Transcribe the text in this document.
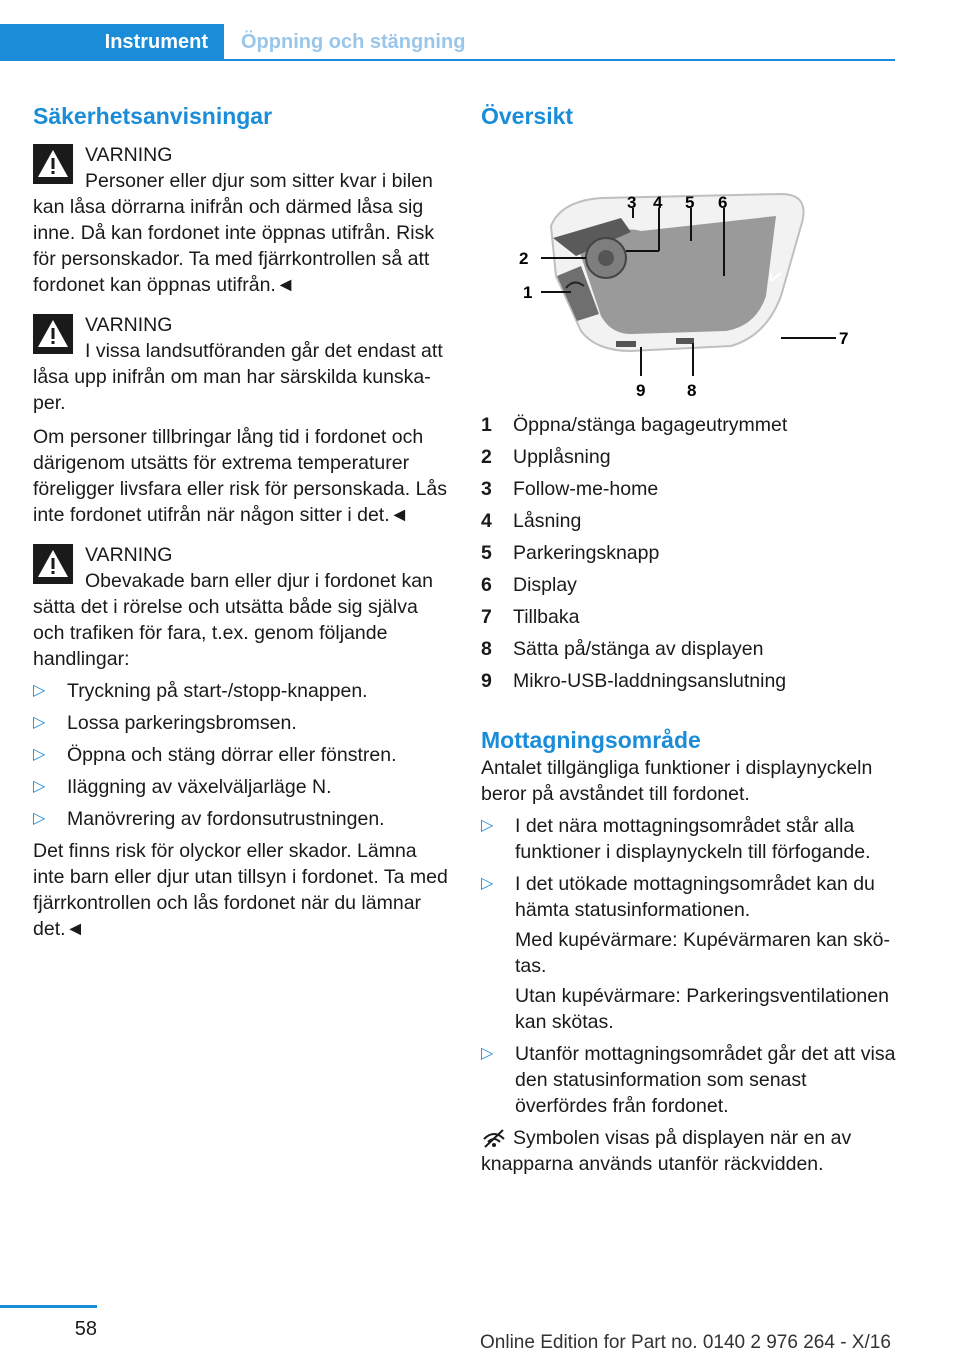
Instrument	Öppning och stängning
Säkerhetsanvisningar
VARNING

Personer eller djur som sitter kvar i bilen kan låsa dörrarna inifrån och därmed låsa sig inne. Då kan fordonet inte öppnas utifrån. Risk för personskador. Ta med fjärrkontrollen så att fordonet kan öppnas utifrån.◄

VARNING

I vissa landsutföranden går det endast att låsa upp inifrån om man har särskilda kunska-per.

Om personer tillbringar lång tid i fordonet och därigenom utsätts för extrema temperaturer föreligger livsfara eller risk för personskada. Lås inte fordonet utifrån när någon sitter i det.◄

VARNING

Obevakade barn eller djur i fordonet kan sätta det i rörelse och utsätta både sig själva och trafiken för fara, t.ex. genom följande handlingar:

▷ Tryckning på start-/stopp-knappen.
▷ Lossa parkeringsbromsen.
▷ Öppna och stäng dörrar eller fönstren.
▷ Iläggning av växelväljarläge N.
▷ Manövrering av fordonsutrustningen.

Det finns risk för olyckor eller skador. Lämna inte barn eller djur utan tillsyn i fordonet. Ta med fjärrkontrollen och lås fordonet när du lämnar det.◄

Översikt
1
2
3 4 5 6
7
8
9
1	Öppna/stänga bagageutrymmet
2	Upplåsning
3	Follow-me-home
4	Låsning
5	Parkeringsknapp
6	Display
7	Tillbaka
8	Sätta på/stänga av displayen
9	Mikro-USB-laddningsanslutning
Mottagningsområde

Antalet tillgängliga funktioner i displaynyckeln beror på avståndet till fordonet.

▷ I det nära mottagningsområdet står alla funktioner i displaynyckeln till förfogande.
▷ I det utökade mottagningsområdet kan du hämta statusinformationen.

Med kupévärmare: Kupévärmaren kan skö-tas.

Utan kupévärmare: Parkeringsventilationen kan skötas.

▷ Utanför mottagningsområdet går det att visa den statusinformation som senast överfördes från fordonet.

Symbolen visas på displayen när en av knapparna används utanför räckvidden.

58
Online Edition for Part no. 0140 2 976 264 - X/16
